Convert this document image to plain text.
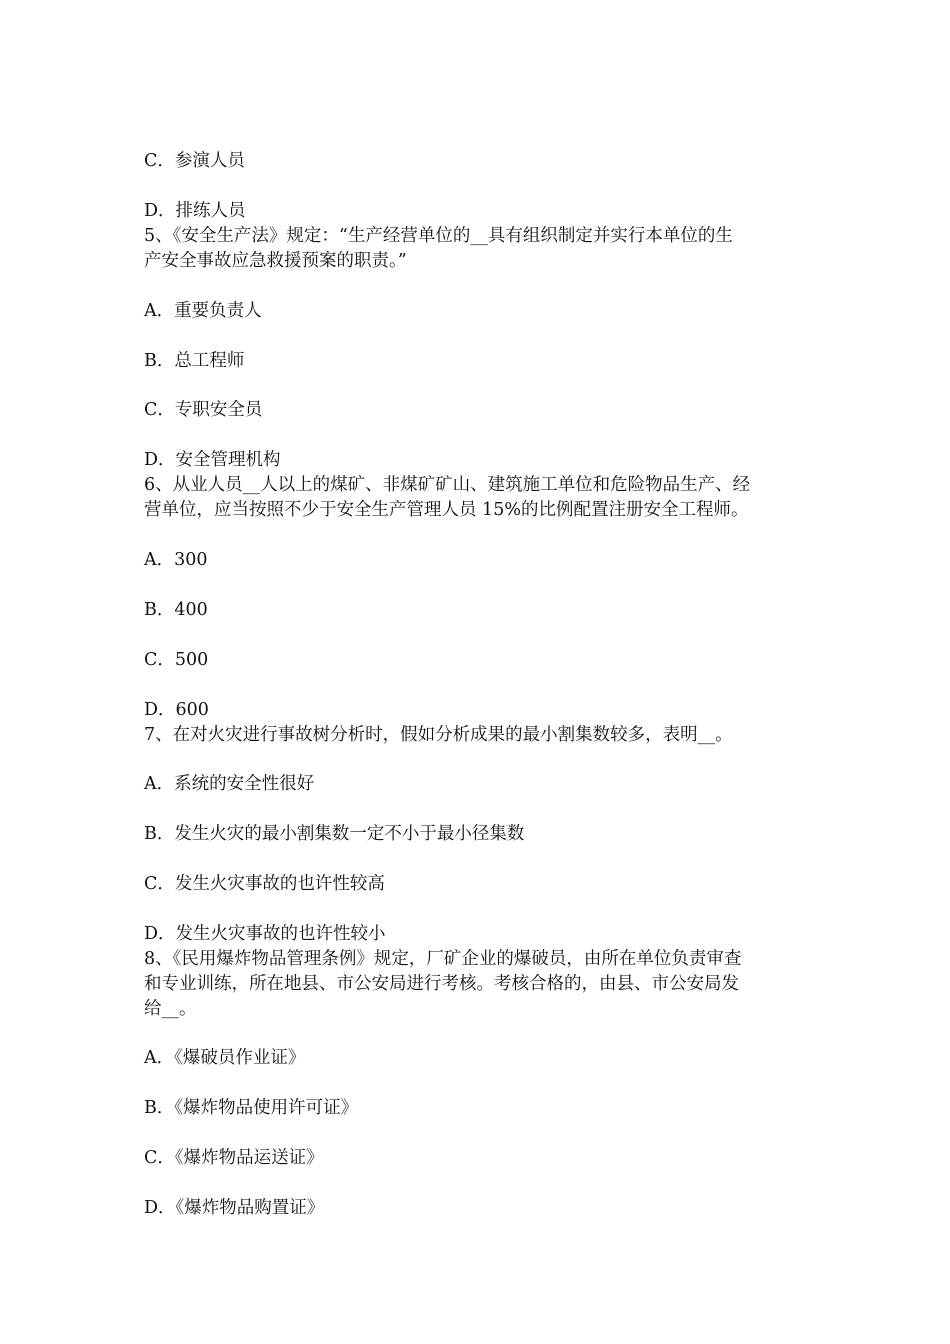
C．参演人员
D．排练人员
5、《安全生产法》规定：“生产经营单位的__具有组织制定并实行本单位的生
产安全事故应急救援预案的职责。”
A．重要负责人
B．总工程师
C．专职安全员
D．安全管理机构
6、从业人员__人以上的煤矿、非煤矿矿山、建筑施工单位和危险物品生产、经
营单位，应当按照不少于安全生产管理人员 15%的比例配置注册安全工程师。
A．300
B．400
C．500
D．600
7、在对火灾进行事故树分析时，假如分析成果的最小割集数较多，表明__。
A．系统的安全性很好
B．发生火灾的最小割集数一定不小于最小径集数
C．发生火灾事故的也许性较高
D．发生火灾事故的也许性较小
8、《民用爆炸物品管理条例》规定，厂矿企业的爆破员，由所在单位负责审查
和专业训练，所在地县、市公安局进行考核。考核合格的，由县、市公安局发
给__。
A．《爆破员作业证》
B．《爆炸物品使用许可证》
C．《爆炸物品运送证》
D．《爆炸物品购置证》
